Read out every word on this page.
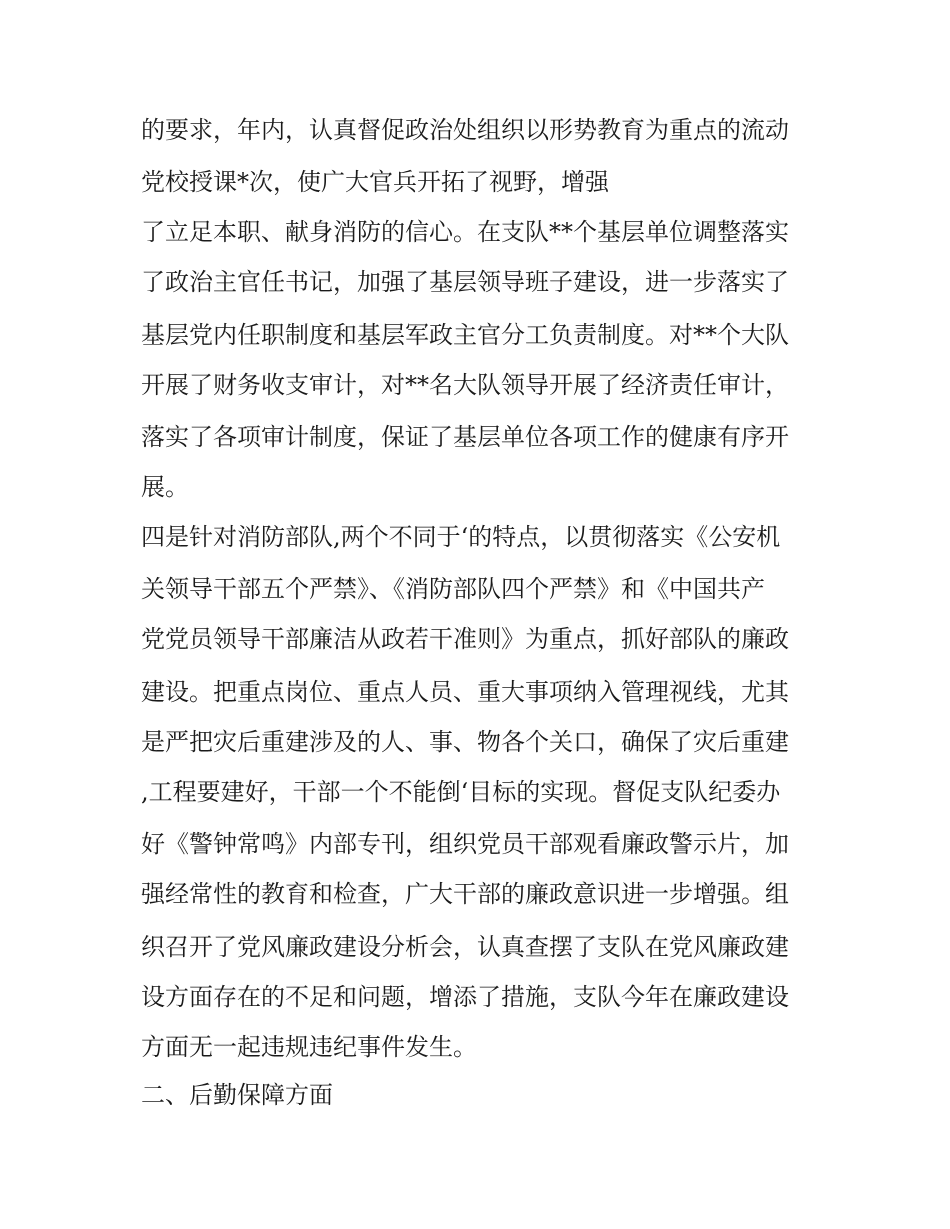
的要求，年内，认真督促政治处组织以形势教育为重点的流动

党校授课*次，使广大官兵开拓了视野，增强

了立足本职、献身消防的信心。在支队**个基层单位调整落实

了政治主官任书记，加强了基层领导班子建设，进一步落实了

基层党内任职制度和基层军政主官分工负责制度。对**个大队

开展了财务收支审计，对**名大队领导开展了经济责任审计，

落实了各项审计制度，保证了基层单位各项工作的健康有序开

展。

四是针对消防部队,两个不同于‘的特点，以贯彻落实《公安机

关领导干部五个严禁》、《消防部队四个严禁》和《中国共产

党党员领导干部廉洁从政若干准则》为重点，抓好部队的廉政

建设。把重点岗位、重点人员、重大事项纳入管理视线，尤其

是严把灾后重建涉及的人、事、物各个关口，确保了灾后重建

,工程要建好，干部一个不能倒‘目标的实现。督促支队纪委办

好《警钟常鸣》内部专刊，组织党员干部观看廉政警示片，加

强经常性的教育和检查，广大干部的廉政意识进一步增强。组

织召开了党风廉政建设分析会，认真查摆了支队在党风廉政建

设方面存在的不足和问题，增添了措施，支队今年在廉政建设

方面无一起违规违纪事件发生。

二、后勤保障方面
